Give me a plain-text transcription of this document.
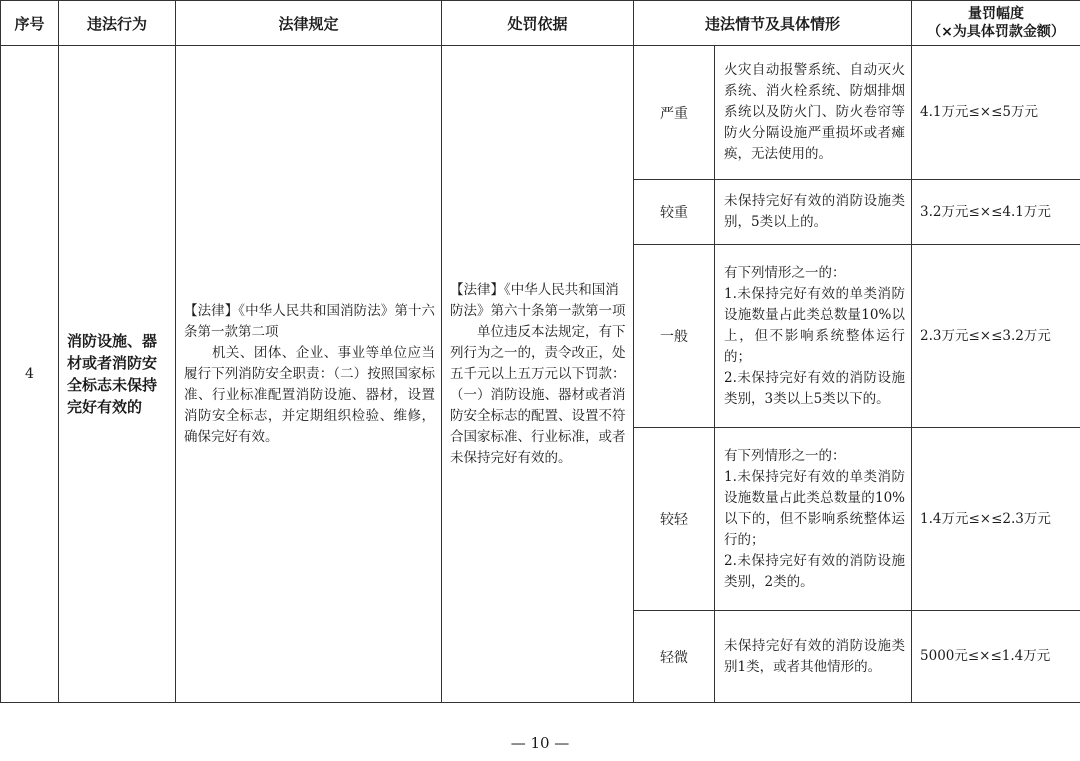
序号	违法行为	法律规定	处罚依据	违法情节及具体情形		量罚幅度
（×为具体罚款金额）

4	消防设施、器材或者消防安全标志未保持完好有效的	【法律】《中华人民共和国消防法》第十六条第一款第二项
　　机关、团体、企业、事业等单位应当履行下列消防安全职责：（二）按照国家标准、行业标准配置消防设施、器材，设置消防安全标志，并定期组织检验、维修，确保完好有效。	【法律】《中华人民共和国消防法》第六十条第一款第一项
　　单位违反本法规定，有下列行为之一的，责令改正，处五千元以上五万元以下罚款：（一）消防设施、器材或者消防安全标志的配置、设置不符合国家标准、行业标准，或者未保持完好有效的。	严重	火灾自动报警系统、自动灭火系统、消火栓系统、防烟排烟系统以及防火门、防火卷帘等防火分隔设施严重损坏或者瘫痪，无法使用的。	4.1万元≤×≤5万元
				较重	未保持完好有效的消防设施类别，5类以上的。	3.2万元≤×≤4.1万元
				一般	有下列情形之一的：
1.未保持完好有效的单类消防设施数量占此类总数量10%以上，但不影响系统整体运行的；
2.未保持完好有效的消防设施类别，3类以上5类以下的。	2.3万元≤×≤3.2万元
				较轻	有下列情形之一的：
1.未保持完好有效的单类消防设施数量占此类总数量的10%以下的，但不影响系统整体运行的；
2.未保持完好有效的消防设施类别，2类的。	1.4万元≤×≤2.3万元
				轻微	未保持完好有效的消防设施类别1类，或者其他情形的。	5000元≤×≤1.4万元
— 10 —
